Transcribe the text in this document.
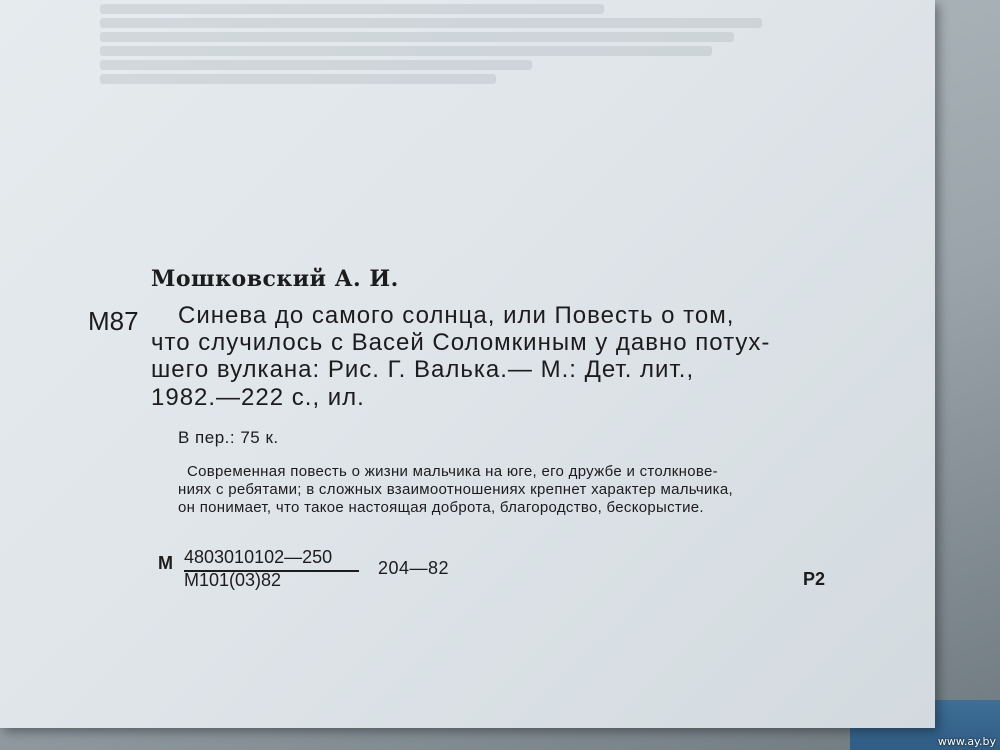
Мошковский А. И.

М87 Синева до самого солнца, или Повесть о том,

что случилось с Васей Соломкиным у давно потух-

шего вулкана: Рис. Г. Валька.— М.: Дет. лит.,

1982.—222 с., ил.

В пер.: 75 к.

Современная повесть о жизни мальчика на юге, его дружбе и столкнове-

ниях с ребятами; в сложных взаимоотношениях крепнет характер мальчика,

он понимает, что такое настоящая доброта, благородство, бескорыстие.

М 4803010102—250

М101(03)82

204—82

Р2

www.ay.by
